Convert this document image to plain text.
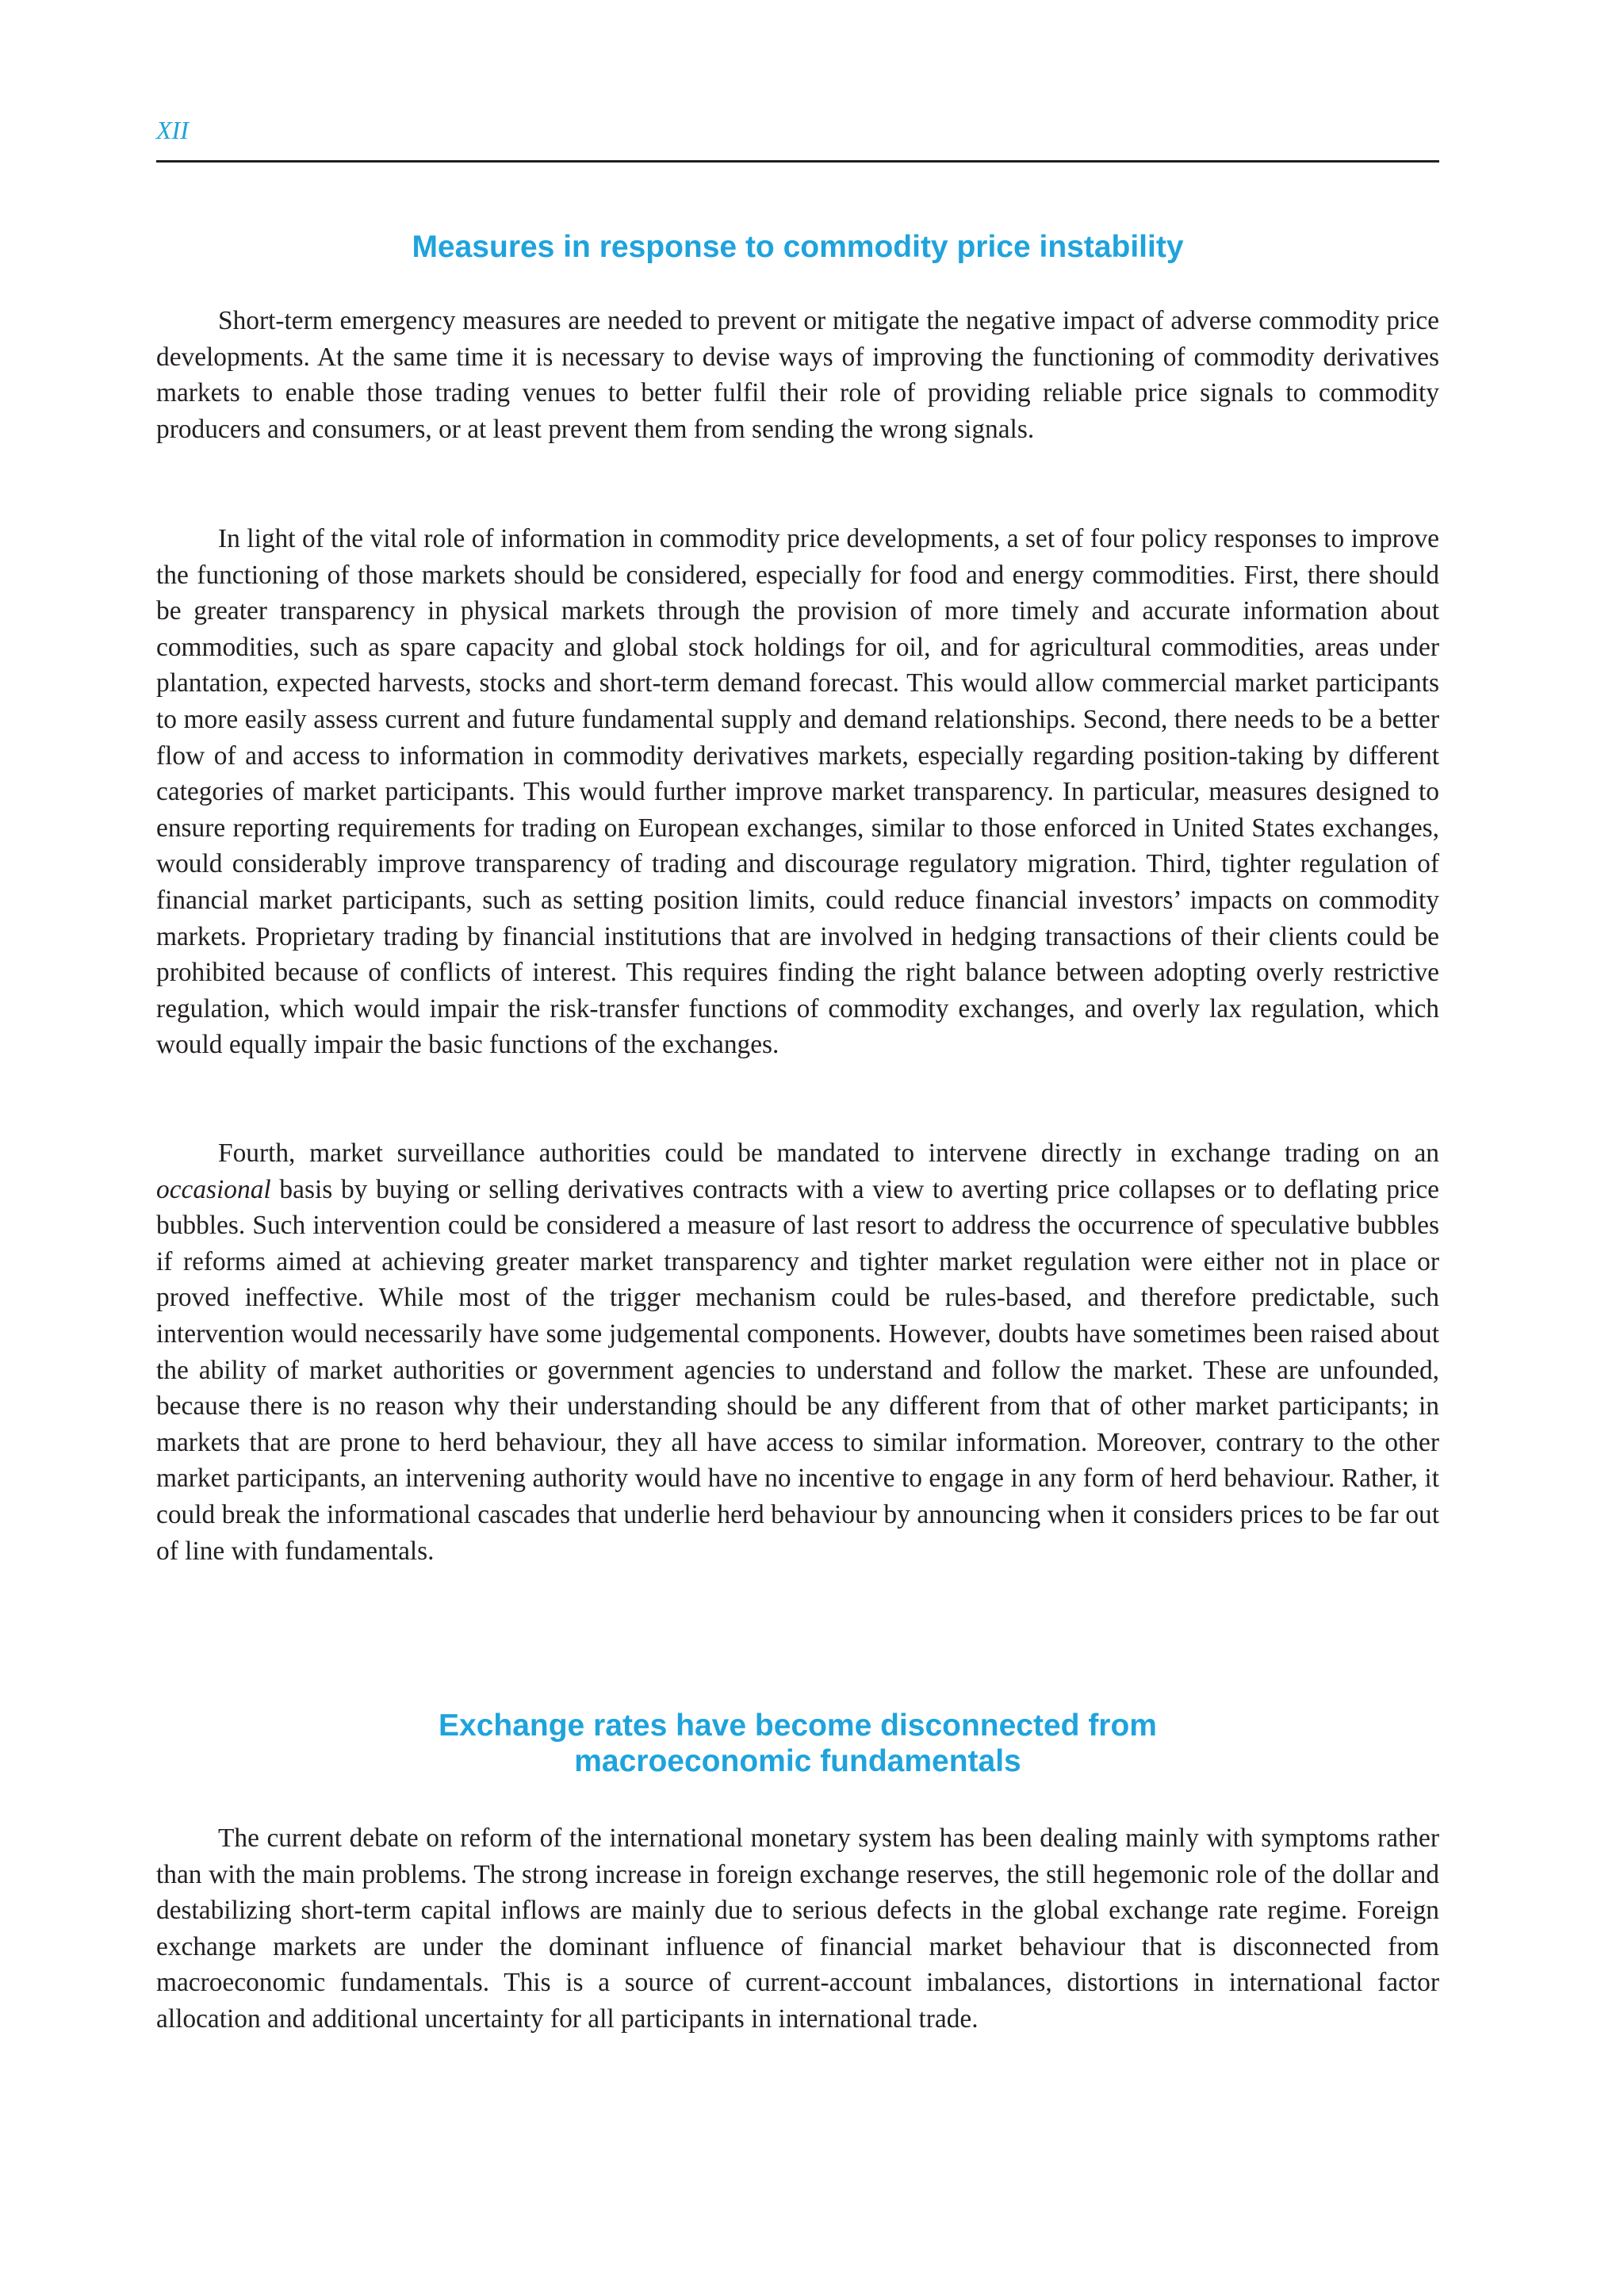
XII

Measures in response to commodity price instability

Short-term emergency measures are needed to prevent or mitigate the negative impact of adverse commodity price developments. At the same time it is necessary to devise ways of improving the functioning of commodity derivatives markets to enable those trading venues to better fulfil their role of providing reliable price signals to commodity producers and consumers, or at least prevent them from sending the wrong signals.

In light of the vital role of information in commodity price developments, a set of four policy responses to improve the functioning of those markets should be considered, especially for food and energy commodities. First, there should be greater transparency in physical markets through the provision of more timely and accurate information about commodities, such as spare capacity and global stock holdings for oil, and for agricultural commodities, areas under plantation, expected harvests, stocks and short-term demand forecast. This would allow commercial market participants to more easily assess current and future fundamental supply and demand relationships. Second, there needs to be a better flow of and access to information in commodity derivatives markets, especially regarding position-taking by different categories of market participants. This would further improve market transparency. In particular, measures designed to ensure reporting requirements for trading on European exchanges, similar to those enforced in United States exchanges, would considerably improve transparency of trading and discourage regulatory migration. Third, tighter regulation of financial market participants, such as setting position limits, could reduce financial investors’ impacts on commodity markets. Proprietary trading by financial institutions that are involved in hedging transactions of their clients could be prohibited because of conflicts of interest. This requires finding the right balance between adopting overly restrictive regulation, which would impair the risk-transfer functions of commodity exchanges, and overly lax regulation, which would equally impair the basic functions of the exchanges.

Fourth, market surveillance authorities could be mandated to intervene directly in exchange trading on an occasional basis by buying or selling derivatives contracts with a view to averting price collapses or to deflating price bubbles. Such intervention could be considered a measure of last resort to address the occurrence of speculative bubbles if reforms aimed at achieving greater market transparency and tighter market regulation were either not in place or proved ineffective. While most of the trigger mechanism could be rules-based, and therefore predictable, such intervention would necessarily have some judgemental components. However, doubts have sometimes been raised about the ability of market authorities or government agencies to understand and follow the market. These are unfounded, because there is no reason why their understanding should be any different from that of other market participants; in markets that are prone to herd behaviour, they all have access to similar information. Moreover, contrary to the other market participants, an intervening authority would have no incentive to engage in any form of herd behaviour. Rather, it could break the informational cascades that underlie herd behaviour by announcing when it considers prices to be far out of line with fundamentals.

Exchange rates have become disconnected from
macroeconomic fundamentals

The current debate on reform of the international monetary system has been dealing mainly with symptoms rather than with the main problems. The strong increase in foreign exchange reserves, the still hegemonic role of the dollar and destabilizing short-term capital inflows are mainly due to serious defects in the global exchange rate regime. Foreign exchange markets are under the dominant influence of financial market behaviour that is disconnected from macroeconomic fundamentals. This is a source of current-account imbalances, distortions in international factor allocation and additional uncertainty for all participants in international trade.
